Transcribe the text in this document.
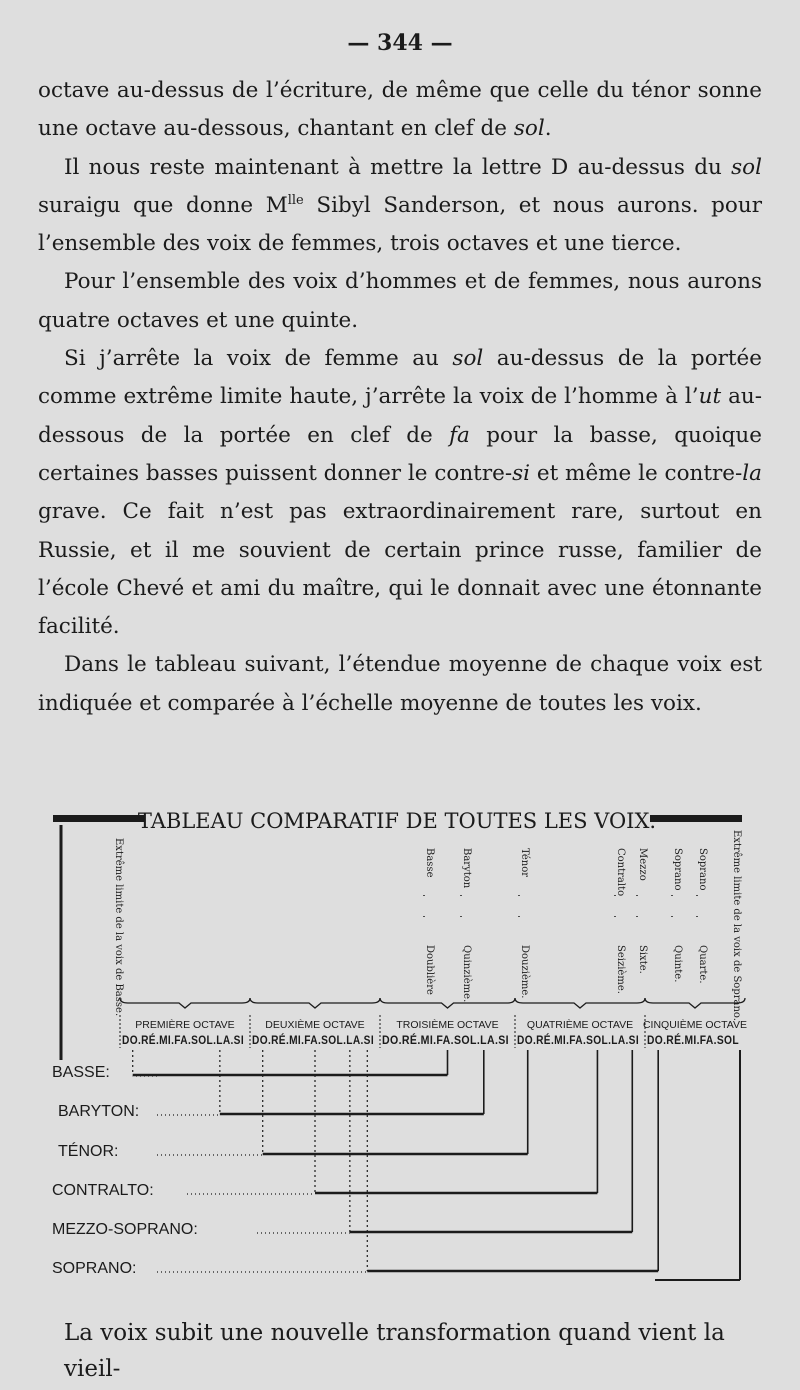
— 344 —

octave au-dessus de l’écriture, de même que celle du ténor sonne une octave au-dessous, chantant en clef de sol.

Il nous reste maintenant à mettre la lettre D au-dessus du sol suraigu que donne $M^{lle}$ Sibyl Sanderson, et nous aurons. pour l’ensemble des voix de femmes, trois octaves et une tierce.

Pour l’ensemble des voix d’hommes et de femmes, nous aurons quatre octaves et une quinte.

Si j’arrête la voix de femme au sol au-dessus de la portée comme extrême limite haute, j’arrête la voix de l’homme à l’ut au-dessous de la portée en clef de fa pour la basse, quoique certaines basses puissent donner le contre-si et même le contre-la grave. Ce fait n’est pas extraordinairement rare, surtout en Russie, et il me souvient de certain prince russe, familier de l’école Chevé et ami du maître, qui le donnait avec une étonnante facilité.

Dans le tableau suivant, l’étendue moyenne de chaque voix est indiquée et comparée à l’échelle moyenne de toutes les voix.

TABLEAU COMPARATIF DE TOUTES LES VOIX.
Extrême limite de la voix de Basse.	Extrême limite de la voix de Soprano.
Basse
Doublière
Baryton
Quinzième.
Ténor
Douzième.
Contralto
Seizième.
Mezzo
Sixte.
Soprano
Quinte.
Soprano
Quarte.
PREMIÈRE OCTAVE
DO.RÉ.MI.FA.SOL.LA.SI
DEUXIÈME OCTAVE
DO.RÉ.MI.FA.SOL.LA.SI
TROISIÈME OCTAVE
DO.RÉ.MI.FA.SOL.LA.SI
QUATRIÈME OCTAVE
DO.RÉ.MI.FA.SOL.LA.SI
CINQUIÈME OCTAVE
DO.RÉ.MI.FA.SOL
BASSE:
BARYTON:
TÉNOR:
CONTRALTO:
MEZZO-SOPRANO:
SOPRANO:
La voix subit une nouvelle transformation quand vient la vieil-
